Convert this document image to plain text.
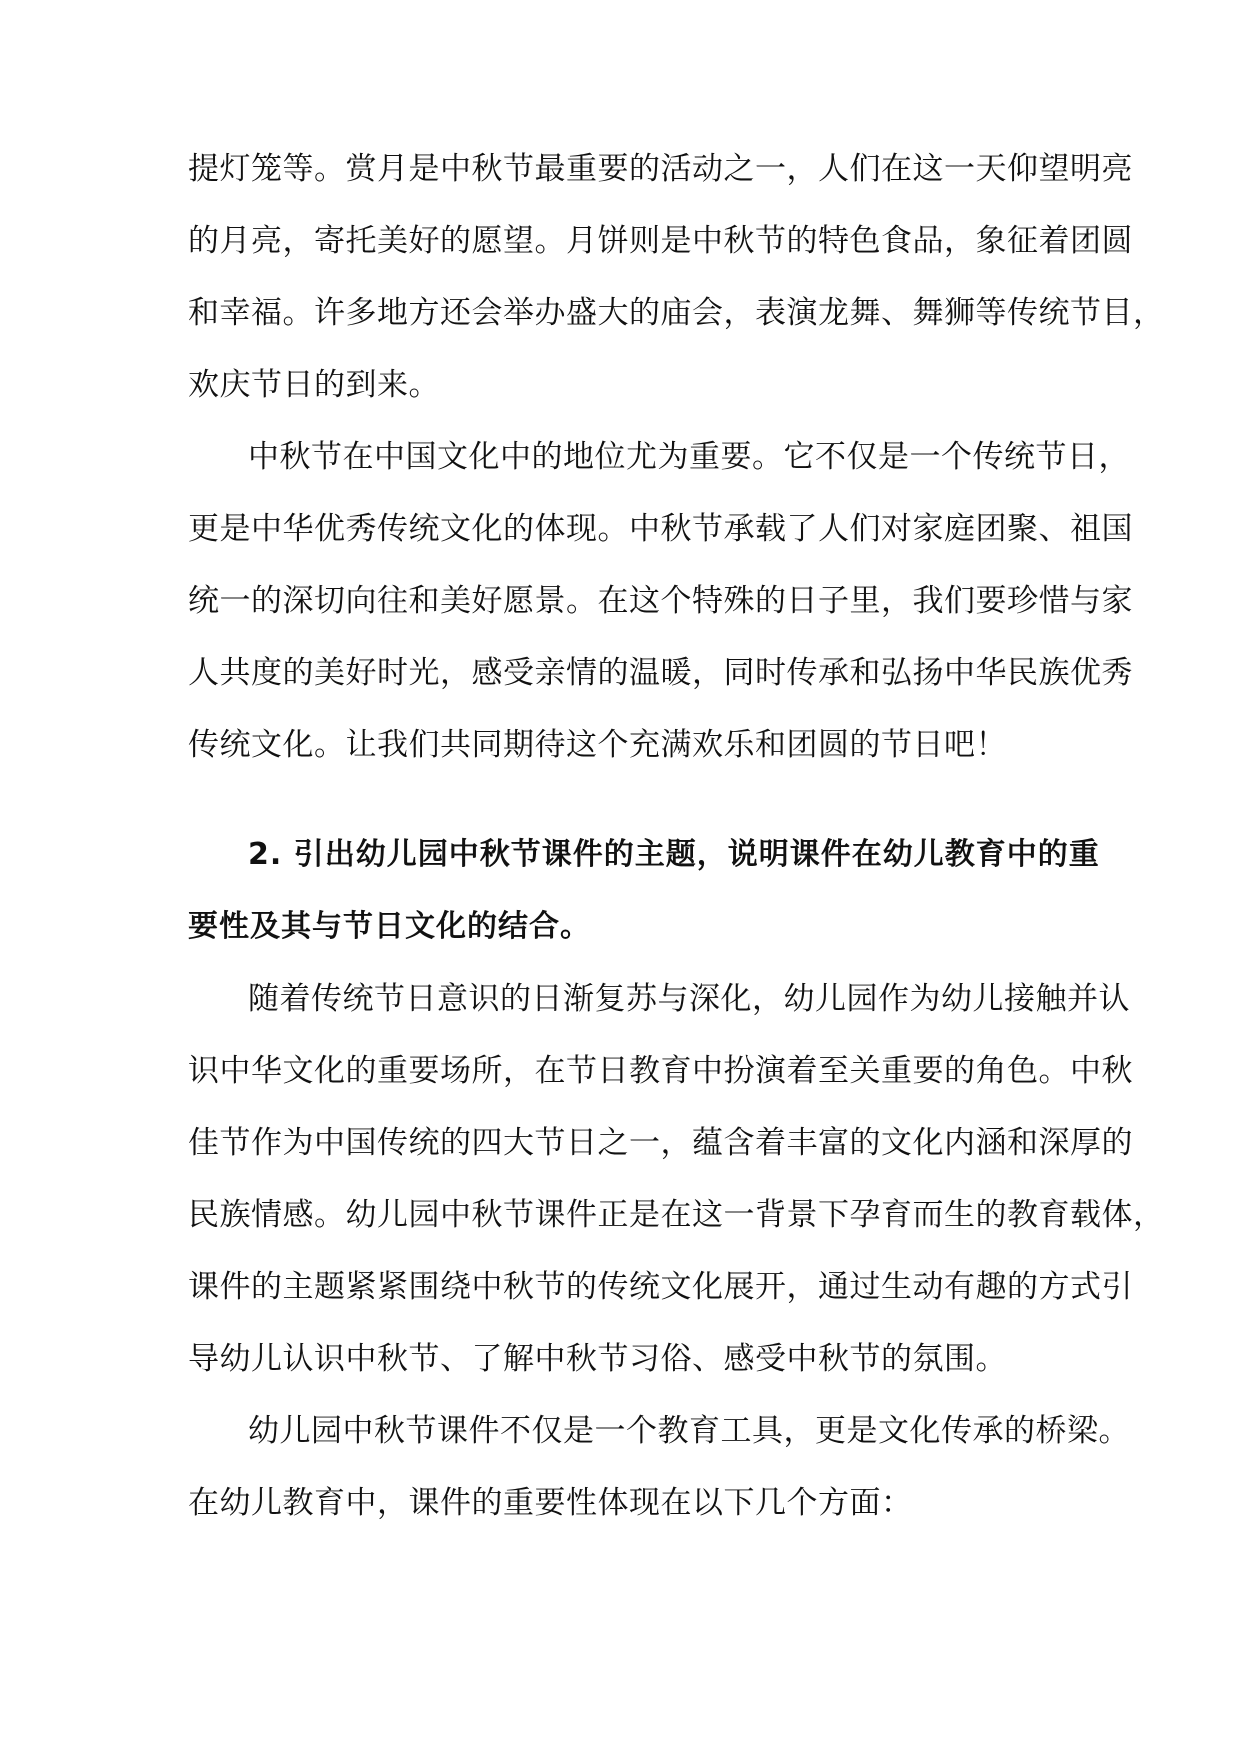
提灯笼等。赏月是中秋节最重要的活动之一，人们在这一天仰望明亮
的月亮，寄托美好的愿望。月饼则是中秋节的特色食品，象征着团圆
和幸福。许多地方还会举办盛大的庙会，表演龙舞、舞狮等传统节目，
欢庆节日的到来。
中秋节在中国文化中的地位尤为重要。它不仅是一个传统节日，
更是中华优秀传统文化的体现。中秋节承载了人们对家庭团聚、祖国
统一的深切向往和美好愿景。在这个特殊的日子里，我们要珍惜与家
人共度的美好时光，感受亲情的温暖，同时传承和弘扬中华民族优秀
传统文化。让我们共同期待这个充满欢乐和团圆的节日吧！
2. 引出幼儿园中秋节课件的主题，说明课件在幼儿教育中的重
要性及其与节日文化的结合。
随着传统节日意识的日渐复苏与深化，幼儿园作为幼儿接触并认
识中华文化的重要场所，在节日教育中扮演着至关重要的角色。中秋
佳节作为中国传统的四大节日之一，蕴含着丰富的文化内涵和深厚的
民族情感。幼儿园中秋节课件正是在这一背景下孕育而生的教育载体，
课件的主题紧紧围绕中秋节的传统文化展开，通过生动有趣的方式引
导幼儿认识中秋节、了解中秋节习俗、感受中秋节的氛围。
幼儿园中秋节课件不仅是一个教育工具，更是文化传承的桥梁。
在幼儿教育中，课件的重要性体现在以下几个方面：
